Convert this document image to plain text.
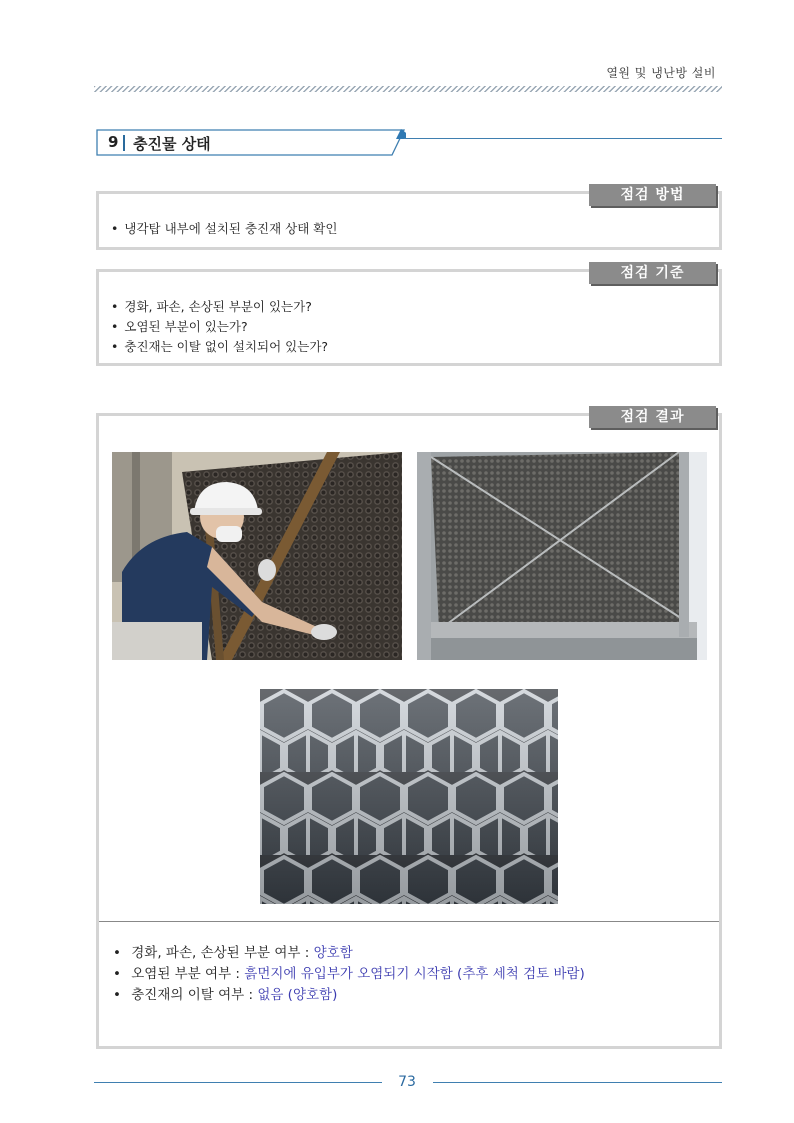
열원 및 냉난방 설비
9 충진물 상태
점검 방법
• 냉각탑 내부에 설치된 충진재 상태 확인
점검 기준
• 경화, 파손, 손상된 부분이 있는가?
• 오염된 부분이 있는가?
• 충진재는 이탈 없이 설치되어 있는가?
점검 결과
• 경화, 파손, 손상된 부분 여부 : 양호함
• 오염된 부분 여부 : 흙먼지에 유입부가 오염되기 시작함 (추후 세척 검토 바람)
• 충진재의 이탈 여부 : 없음 (양호함)
73
